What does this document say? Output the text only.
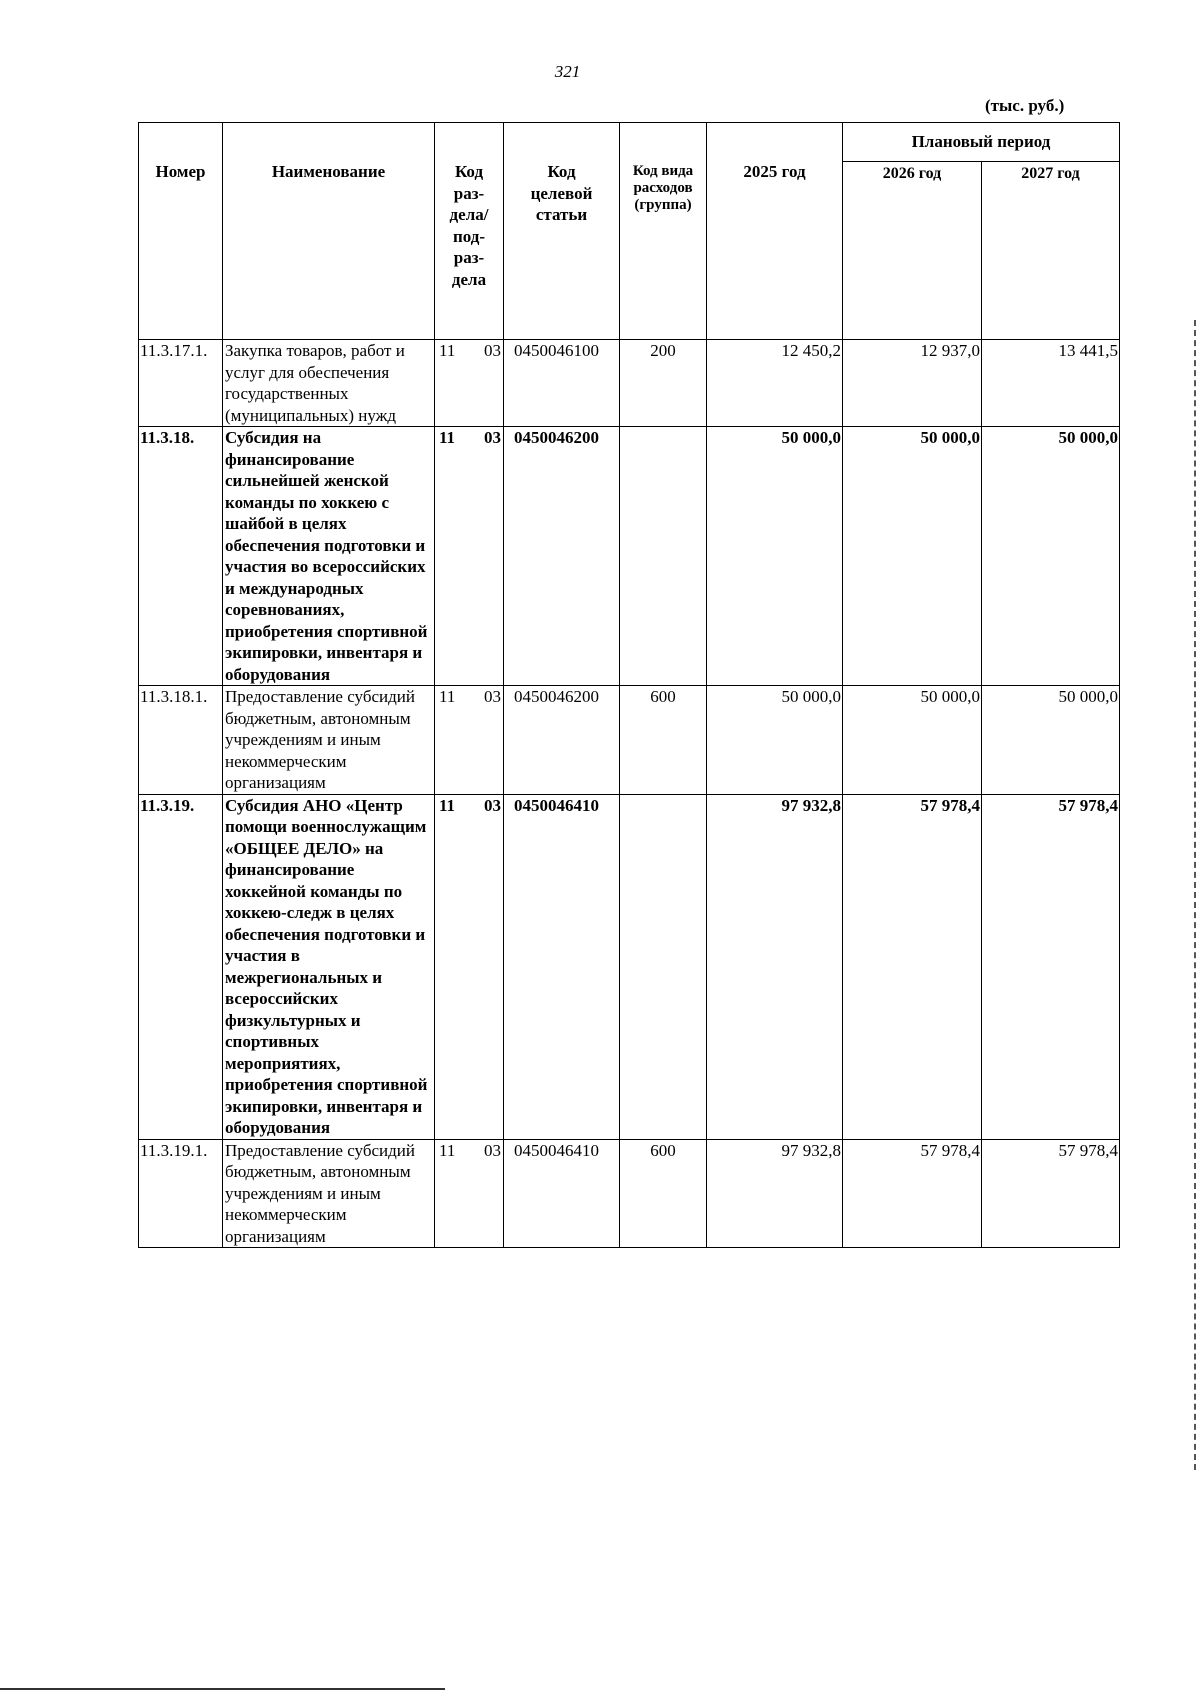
321
(тыс. руб.)
Номер	Наименование	Код раз-дела/ под-раз-дела	Код целевой статьи	Код вида расходов (группа)	2025 год	Плановый период	
						2026 год	2027 год
11.3.17.1.	Закупка товаров, работ и услуг для обеспечения государственных (муниципальных) нужд	11 03	0450046100	200	12 450,2	12 937,0	13 441,5
11.3.18.	Субсидия на финансирование сильнейшей женской команды по хоккею с шайбой в целях обеспечения подготовки и участия во всероссийских и международных соревнованиях, приобретения спортивной экипировки, инвентаря и оборудования	11 03	0450046200		50 000,0	50 000,0	50 000,0
11.3.18.1.	Предоставление субсидий бюджетным, автономным учреждениям и иным некоммерческим организациям	11 03	0450046200	600	50 000,0	50 000,0	50 000,0
11.3.19.	Субсидия АНО «Центр помощи военнослужащим «ОБЩЕЕ ДЕЛО» на финансирование хоккейной команды по хоккею-следж в целях обеспечения подготовки и участия в межрегиональных и всероссийских физкультурных и спортивных мероприятиях, приобретения спортивной экипировки, инвентаря и оборудования	11 03	0450046410		97 932,8	57 978,4	57 978,4
11.3.19.1.	Предоставление субсидий бюджетным, автономным учреждениям и иным некоммерческим организациям	11 03	0450046410	600	97 932,8	57 978,4	57 978,4
